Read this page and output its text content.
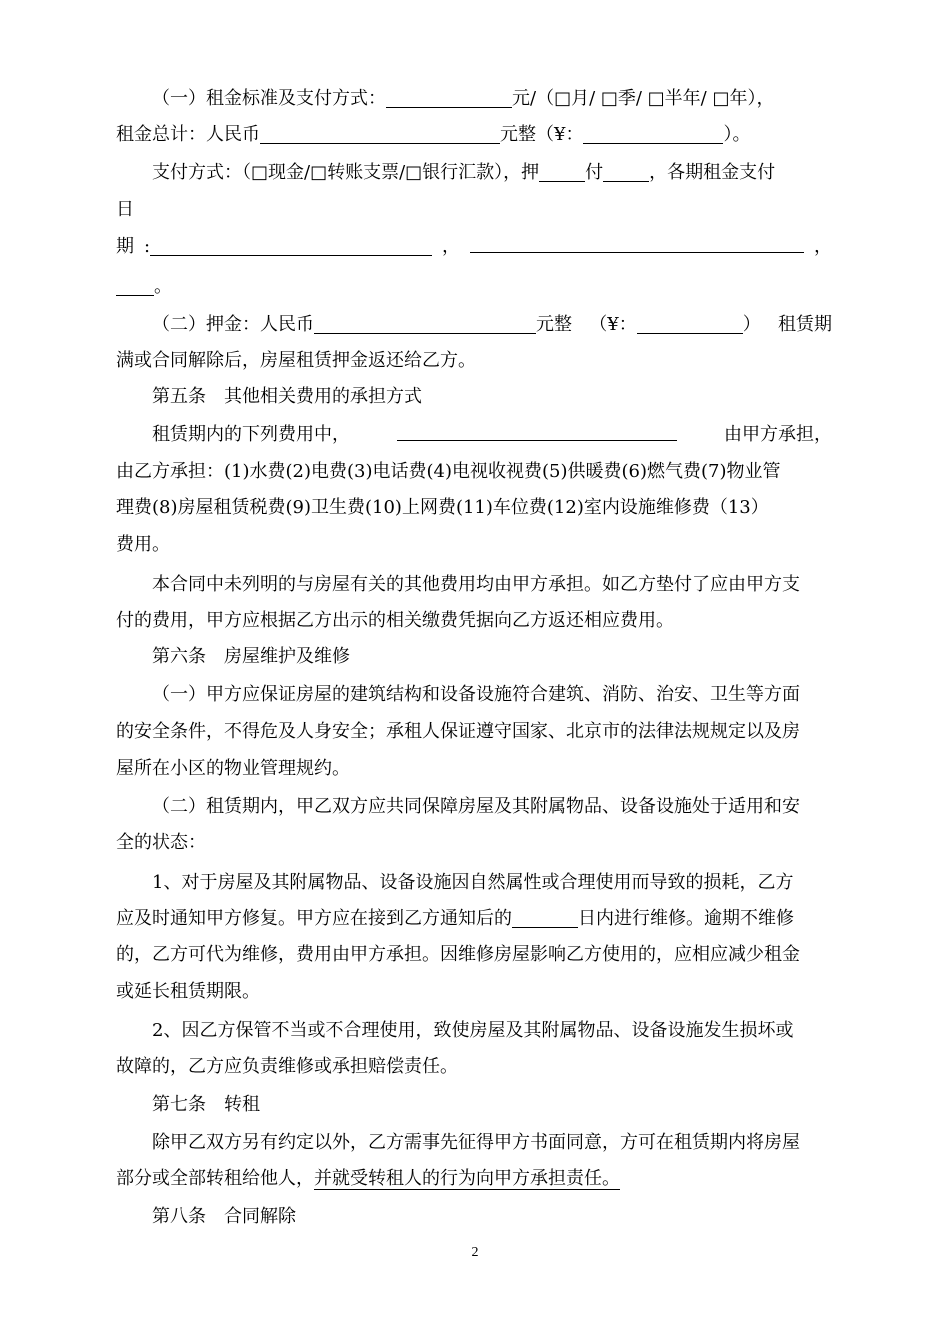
（一）租金标准及支付方式：	元/（□月/ □季/ □半年/ □年），
租金总计：人民币	元整（¥：	）。
支付方式：（□现金/□转账支票/□银行汇款），押	付	，各期租金支付
日
期 :	，	，
。
（二）押金：人民币	元整 （¥：	） 租赁期
满或合同解除后，房屋租赁押金返还给乙方。
第五条　其他相关费用的承担方式
租赁期内的下列费用中，	由甲方承担，
由乙方承担：(1)水费(2)电费(3)电话费(4)电视收视费(5)供暖费(6)燃气费(7)物业管
理费(8)房屋租赁税费(9)卫生费(10)上网费(11)车位费(12)室内设施维修费（13）
费用。
本合同中未列明的与房屋有关的其他费用均由甲方承担。如乙方垫付了应由甲方支
付的费用，甲方应根据乙方出示的相关缴费凭据向乙方返还相应费用。
第六条　房屋维护及维修
（一）甲方应保证房屋的建筑结构和设备设施符合建筑、消防、治安、卫生等方面
的安全条件，不得危及人身安全；承租人保证遵守国家、北京市的法律法规规定以及房
屋所在小区的物业管理规约。
（二）租赁期内，甲乙双方应共同保障房屋及其附属物品、设备设施处于适用和安
全的状态：
1、对于房屋及其附属物品、设备设施因自然属性或合理使用而导致的损耗，乙方
应及时通知甲方修复。甲方应在接到乙方通知后的	日内进行维修。逾期不维修
的，乙方可代为维修，费用由甲方承担。因维修房屋影响乙方使用的，应相应减少租金
或延长租赁期限。
2、因乙方保管不当或不合理使用，致使房屋及其附属物品、设备设施发生损坏或
故障的，乙方应负责维修或承担赔偿责任。
第七条　转租
除甲乙双方另有约定以外，乙方需事先征得甲方书面同意，方可在租赁期内将房屋
部分或全部转租给他人，并就受转租人的行为向甲方承担责任。
第八条　合同解除
2
